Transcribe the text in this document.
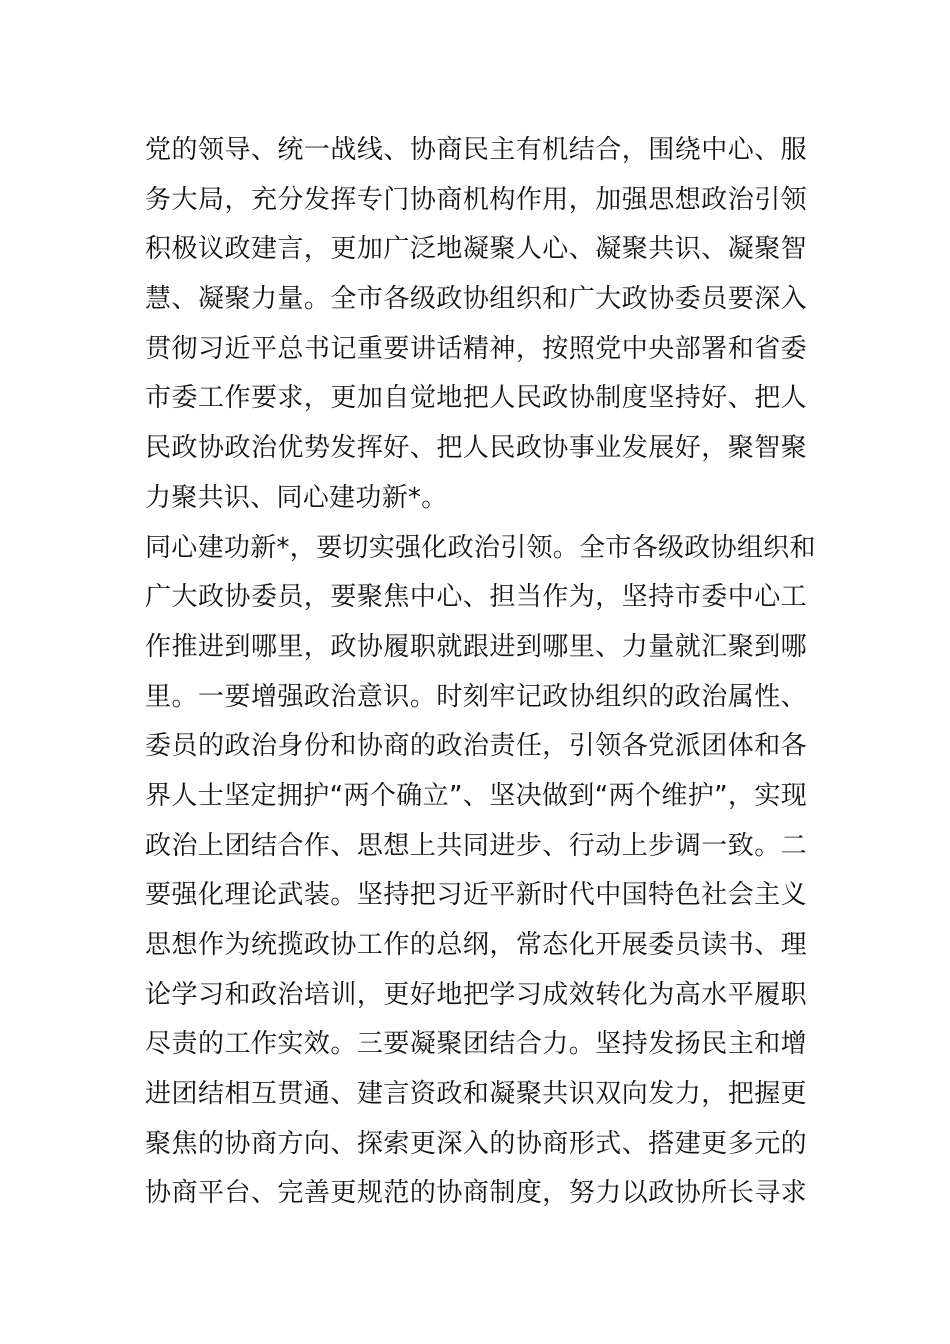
党的领导、统一战线、协商民主有机结合，围绕中心、服
务大局，充分发挥专门协商机构作用，加强思想政治引领
积极议政建言，更加广泛地凝聚人心、凝聚共识、凝聚智
慧、凝聚力量。全市各级政协组织和广大政协委员要深入
贯彻习近平总书记重要讲话精神，按照党中央部署和省委
市委工作要求，更加自觉地把人民政协制度坚持好、把人
民政协政治优势发挥好、把人民政协事业发展好，聚智聚
力聚共识、同心建功新*。
同心建功新*，要切实强化政治引领。全市各级政协组织和
广大政协委员，要聚焦中心、担当作为，坚持市委中心工
作推进到哪里，政协履职就跟进到哪里、力量就汇聚到哪
里。一要增强政治意识。时刻牢记政协组织的政治属性、
委员的政治身份和协商的政治责任，引领各党派团体和各
界人士坚定拥护“两个确立”、坚决做到“两个维护”，实现
政治上团结合作、思想上共同进步、行动上步调一致。二
要强化理论武装。坚持把习近平新时代中国特色社会主义
思想作为统揽政协工作的总纲，常态化开展委员读书、理
论学习和政治培训，更好地把学习成效转化为高水平履职
尽责的工作实效。三要凝聚团结合力。坚持发扬民主和增
进团结相互贯通、建言资政和凝聚共识双向发力，把握更
聚焦的协商方向、探索更深入的协商形式、搭建更多元的
协商平台、完善更规范的协商制度，努力以政协所长寻求
